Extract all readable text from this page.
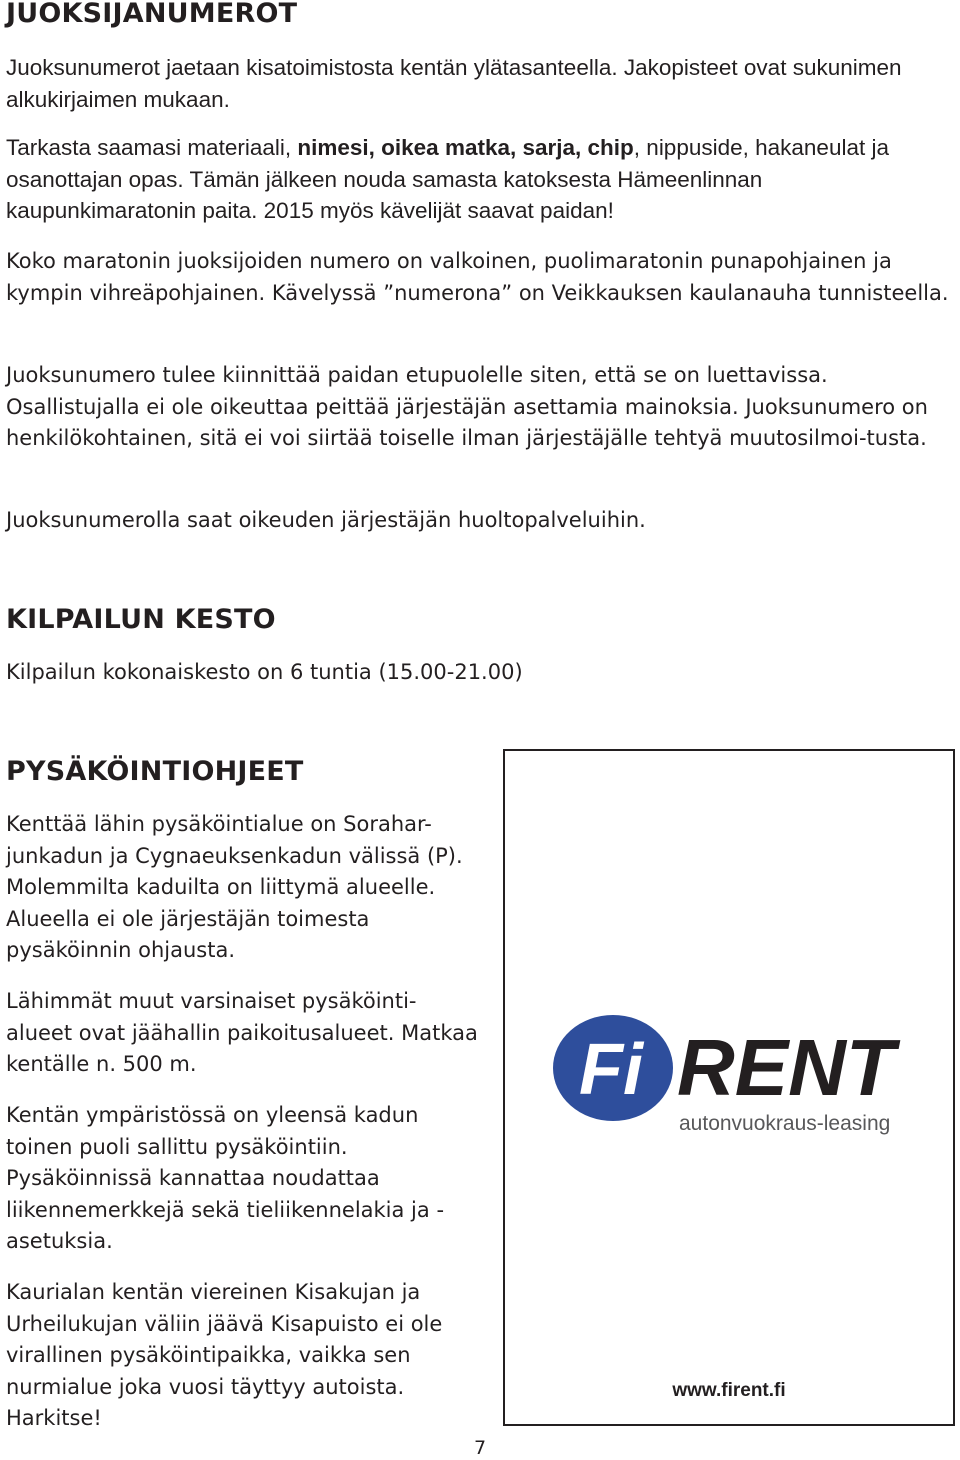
JUOKSIJANUMEROT

Juoksunumerot jaetaan kisatoimistosta kentän ylätasanteella. Jakopisteet ovat sukunimen alkukirjaimen mukaan.

Tarkasta saamasi materiaali, nimesi, oikea matka, sarja, chip, nippuside, hakaneulat ja osanottajan opas. Tämän jälkeen nouda samasta katoksesta Hämeenlinnan kaupunkimaratonin paita. 2015 myös kävelijät saavat paidan!

Koko maratonin juoksijoiden numero on valkoinen, puolimaratonin punapohjainen ja kympin vihreäpohjainen. Kävelyssä ”numerona” on Veikkauksen kaulanauha tunnisteella.

Juoksunumero tulee kiinnittää paidan etupuolelle siten, että se on luettavissa. Osallistujalla ei ole oikeuttaa peittää järjestäjän asettamia mainoksia. Juoksunumero on henkilökohtainen, sitä ei voi siirtää toiselle ilman järjestäjälle tehtyä muutosilmoi-tusta.

Juoksunumerolla saat oikeuden järjestäjän huoltopalveluihin.

KILPAILUN KESTO

Kilpailun kokonaiskesto on 6 tuntia (15.00-21.00)

PYSÄKÖINTIOHJEET

Kenttää lähin pysäköintialue on Sorahar-junkadun ja Cygnaeuksenkadun välissä (P). Molemmilta kaduilta on liittymä alueelle. Alueella ei ole järjestäjän toimesta pysäköinnin ohjausta.

Lähimmät muut varsinaiset pysäköinti-alueet ovat jäähallin paikoitusalueet. Matkaa kentälle n. 500 m.

Kentän ympäristössä on yleensä kadun toinen puoli sallittu pysäköintiin. Pysäköinnissä kannattaa noudattaa liikennemerkkejä sekä tieliikennelakia ja -asetuksia.

Kaurialan kentän viereinen Kisakujan ja Urheilukujan väliin jäävä Kisapuisto ei ole virallinen pysäköintipaikka, vaikka sen nurmialue joka vuosi täyttyy autoista. Harkitse!

Fi RENT
autonvuokraus-leasing
www.firent.fi
7
